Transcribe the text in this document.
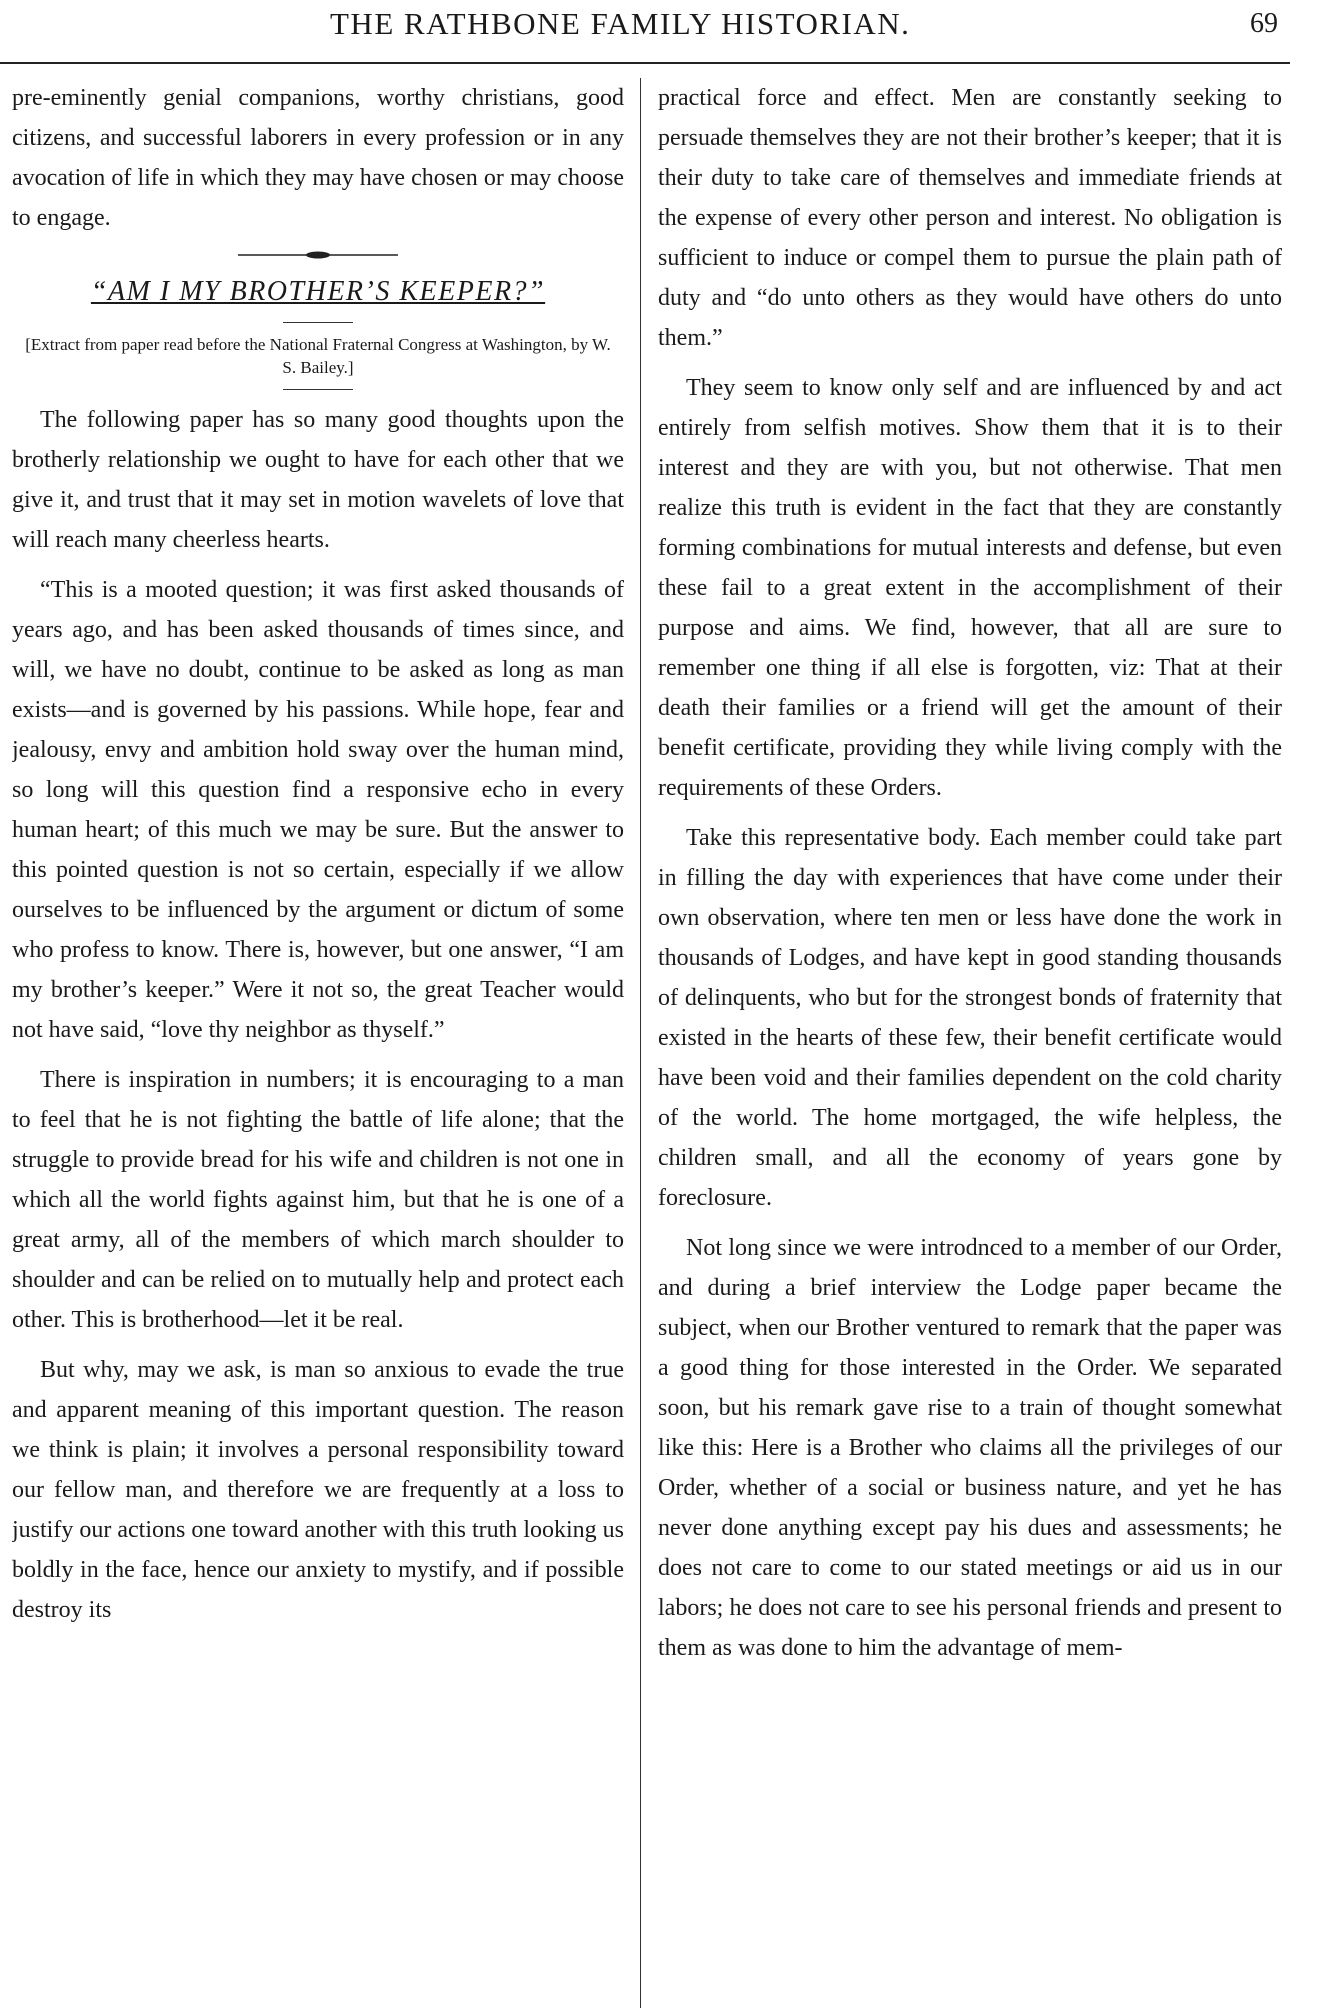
THE RATHBONE FAMILY HISTORIAN.	69

pre-eminently genial companions, worthy christians, good citizens, and successful laborers in every profession or in any avocation of life in which they may have chosen or may choose to engage.

“AM I MY BROTHER’S KEEPER?”
[Extract from paper read before the National Fraternal Congress at Washington, by W. S. Bailey.]

The following paper has so many good thoughts upon the brotherly relationship we ought to have for each other that we give it, and trust that it may set in motion wavelets of love that will reach many cheerless hearts.

“This is a mooted question; it was first asked thousands of years ago, and has been asked thousands of times since, and will, we have no doubt, continue to be asked as long as man exists—and is governed by his passions. While hope, fear and jealousy, envy and ambition hold sway over the human mind, so long will this question find a responsive echo in every human heart; of this much we may be sure. But the answer to this pointed question is not so certain, especially if we allow ourselves to be influenced by the argument or dictum of some who profess to know. There is, however, but one answer, “I am my brother’s keeper.” Were it not so, the great Teacher would not have said, “love thy neighbor as thyself.”

There is inspiration in numbers; it is encouraging to a man to feel that he is not fighting the battle of life alone; that the struggle to provide bread for his wife and children is not one in which all the world fights against him, but that he is one of a great army, all of the members of which march shoulder to shoulder and can be relied on to mutually help and protect each other. This is brotherhood—let it be real.

But why, may we ask, is man so anxious to evade the true and apparent meaning of this important question. The reason we think is plain; it involves a personal responsibility toward our fellow man, and therefore we are frequently at a loss to justify our actions one toward another with this truth looking us boldly in the face, hence our anxiety to mystify, and if possible destroy its

practical force and effect. Men are constantly seeking to persuade themselves they are not their brother’s keeper; that it is their duty to take care of themselves and immediate friends at the expense of every other person and interest. No obligation is sufficient to induce or compel them to pursue the plain path of duty and “do unto others as they would have others do unto them.”

They seem to know only self and are influenced by and act entirely from selfish motives. Show them that it is to their interest and they are with you, but not otherwise. That men realize this truth is evident in the fact that they are constantly forming combinations for mutual interests and defense, but even these fail to a great extent in the accomplishment of their purpose and aims. We find, however, that all are sure to remember one thing if all else is forgotten, viz: That at their death their families or a friend will get the amount of their benefit certificate, providing they while living comply with the requirements of these Orders.

Take this representative body. Each member could take part in filling the day with experiences that have come under their own observation, where ten men or less have done the work in thousands of Lodges, and have kept in good standing thousands of delinquents, who but for the strongest bonds of fraternity that existed in the hearts of these few, their benefit certificate would have been void and their families dependent on the cold charity of the world. The home mortgaged, the wife helpless, the children small, and all the economy of years gone by foreclosure.

Not long since we were introdnced to a member of our Order, and during a brief interview the Lodge paper became the subject, when our Brother ventured to remark that the paper was a good thing for those interested in the Order. We separated soon, but his remark gave rise to a train of thought somewhat like this: Here is a Brother who claims all the privileges of our Order, whether of a social or business nature, and yet he has never done anything except pay his dues and assessments; he does not care to come to our stated meetings or aid us in our labors; he does not care to see his personal friends and present to them as was done to him the advantage of mem-
